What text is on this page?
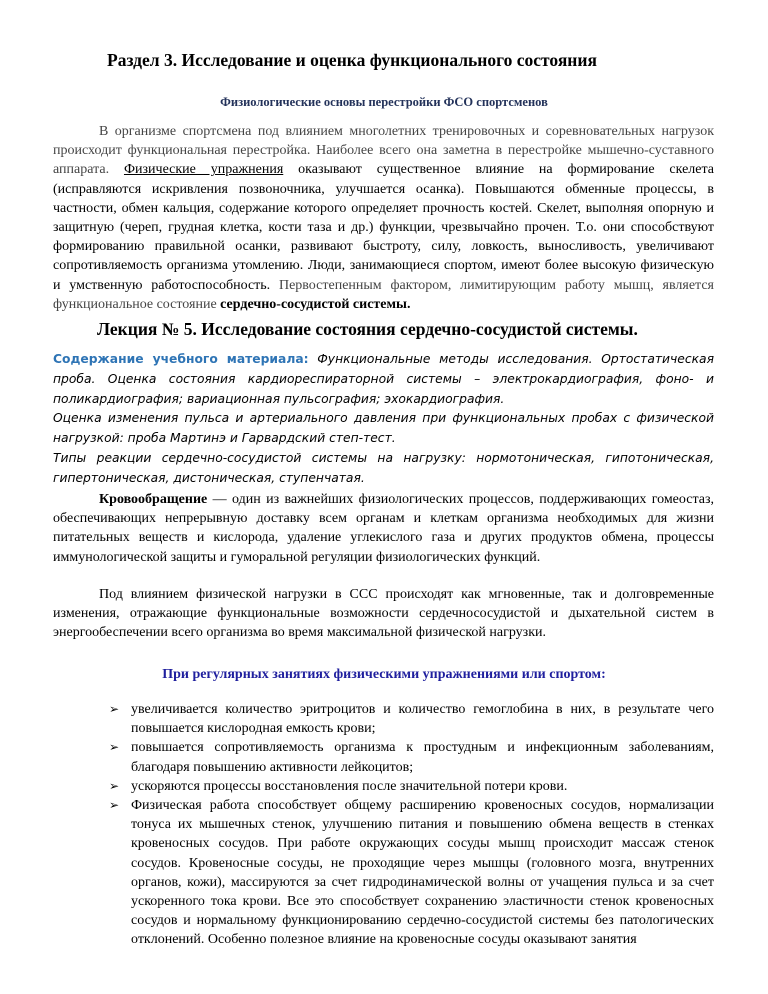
Раздел 3. Исследование и оценка функционального состояния
Физиологические основы перестройки ФСО спортсменов
В организме спортсмена под влиянием многолетних тренировочных и соревновательных нагрузок происходит функциональная перестройка. Наиболее всего она заметна в перестройке мышечно-суставного аппарата. Физические упражнения оказывают существенное влияние на формирование скелета (исправляются искривления позвоночника, улучшается осанка). Повышаются обменные процессы, в частности, обмен кальция, содержание которого определяет прочность костей. Скелет, выполняя опорную и защитную (череп, грудная клетка, кости таза и др.) функции, чрезвычайно прочен. Т.о. они способствуют формированию правильной осанки, развивают быстроту, силу, ловкость, выносливость, увеличивают сопротивляемость организма утомлению. Люди, занимающиеся спортом, имеют более высокую физическую и умственную работоспособность. Первостепенным фактором, лимитирующим работу мышц, является функциональное состояние сердечно-сосудистой системы.
Лекция № 5. Исследование состояния сердечно-сосудистой системы.

Содержание учебного материала: Функциональные методы исследования. Ортостатическая проба. Оценка состояния кардиореспираторной системы – электрокардиография, фоно- и поликардиография; вариационная пульсография; эхокардиография.

Оценка изменения пульса и артериального давления при функциональных пробах с физической нагрузкой: проба Мартинэ и Гарвардский степ-тест.

Типы реакции сердечно-сосудистой системы на нагрузку: нормотоническая, гипотоническая, гипертоническая, дистоническая, ступенчатая.

Кровообращение — один из важнейших физиологических процессов, поддерживающих гомеостаз, обеспечивающих непрерывную доставку всем органам и клеткам организма необходимых для жизни питательных веществ и кислорода, удаление углекислого газа и других продуктов обмена, процессы иммунологической защиты и гуморальной регуляции физиологических функций.
Под влиянием физической нагрузки в ССС происходят как мгновенные, так и долговременные изменения, отражающие функциональные возможности сердечнососудистой и дыхательной систем в энергообеспечении всего организма во время максимальной физической нагрузки.
При регулярных занятиях физическими упражнениями или спортом:
➢ увеличивается количество эритроцитов и количество гемоглобина в них, в результате чего повышается кислородная емкость крови;
➢ повышается сопротивляемость организма к простудным и инфекционным заболеваниям, благодаря повышению активности лейкоцитов;
➢ ускоряются процессы восстановления после значительной потери крови.
➢ Физическая работа способствует общему расширению кровеносных сосудов, нормализации тонуса их мышечных стенок, улучшению питания и повышению обмена веществ в стенках кровеносных сосудов. При работе окружающих сосуды мышц происходит массаж стенок сосудов. Кровеносные сосуды, не проходящие через мышцы (головного мозга, внутренних органов, кожи), массируются за счет гидродинамической волны от учащения пульса и за счет ускоренного тока крови. Все это способствует сохранению эластичности стенок кровеносных сосудов и нормальному функционированию сердечно-сосудистой системы без патологических отклонений. Особенно полезное влияние на кровеносные сосуды оказывают занятия
